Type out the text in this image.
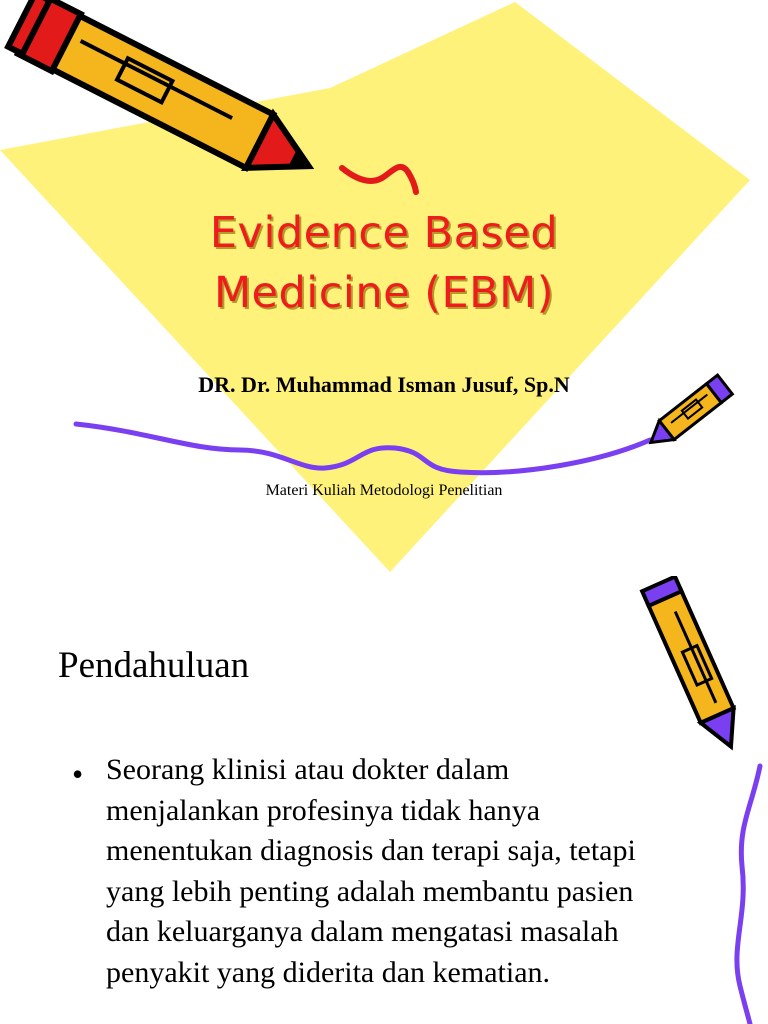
Evidence Based
Medicine (EBM)
DR. Dr. Muhammad Isman Jusuf, Sp.N
Materi Kuliah Metodologi Penelitian
Pendahuluan
• Seorang klinisi atau dokter dalam
menjalankan profesinya tidak hanya
menentukan diagnosis dan terapi saja, tetapi
yang lebih penting adalah membantu pasien
dan keluarganya dalam mengatasi masalah
penyakit yang diderita dan kematian.
